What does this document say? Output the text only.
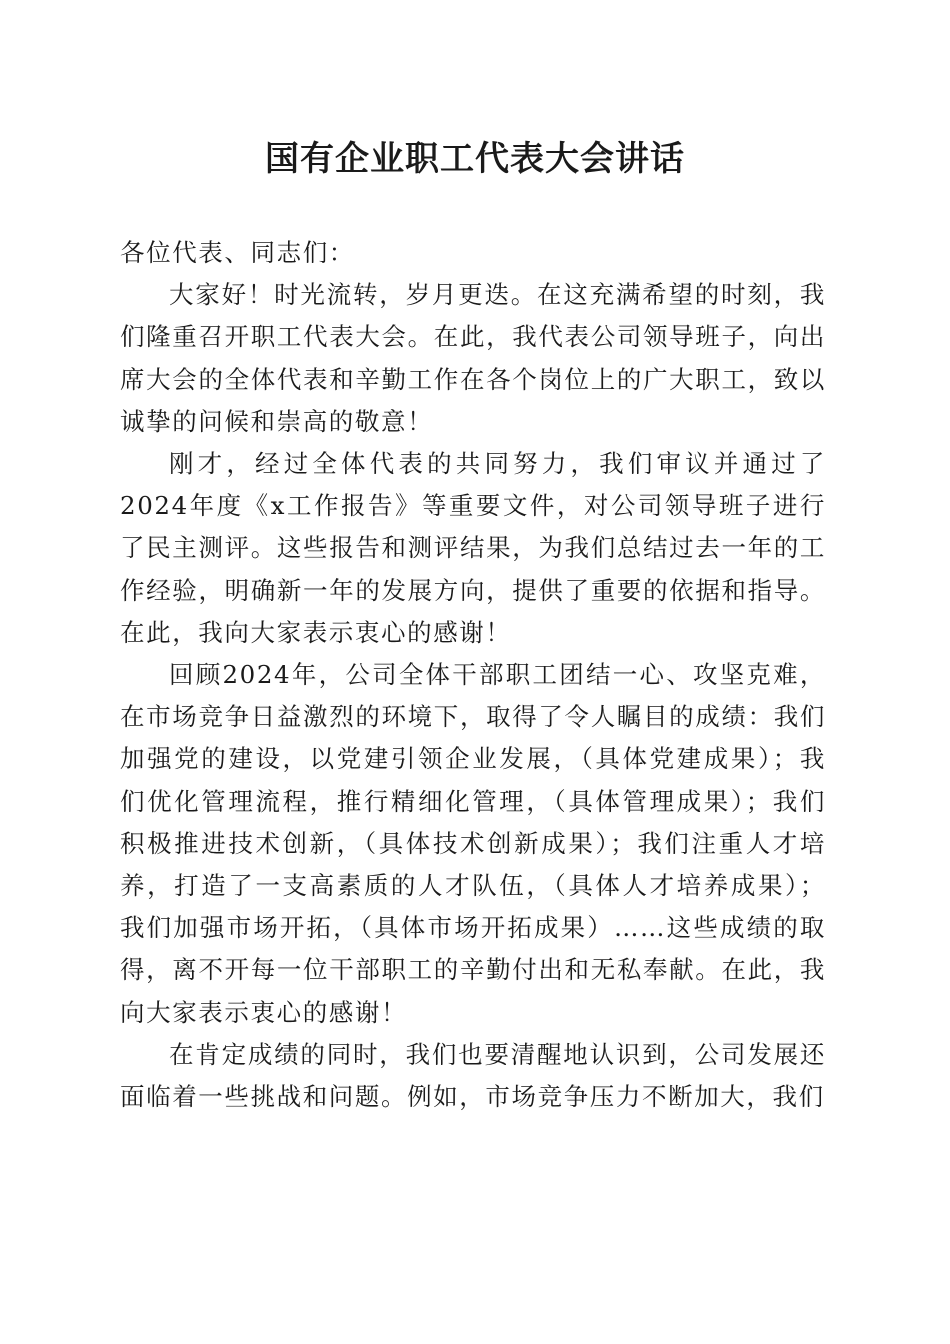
国有企业职工代表大会讲话

各位代表、同志们：

大家好！时光流转，岁月更迭。在这充满希望的时刻，我们隆重召开职工代表大会。在此，我代表公司领导班子，向出席大会的全体代表和辛勤工作在各个岗位上的广大职工，致以诚挚的问候和崇高的敬意！

刚才，经过全体代表的共同努力，我们审议并通过了2024年度《x工作报告》等重要文件，对公司领导班子进行了民主测评。这些报告和测评结果，为我们总结过去一年的工作经验，明确新一年的发展方向，提供了重要的依据和指导。在此，我向大家表示衷心的感谢！

回顾2024年，公司全体干部职工团结一心、攻坚克难，在市场竞争日益激烈的环境下，取得了令人瞩目的成绩：我们加强党的建设，以党建引领企业发展，（具体党建成果）；我们优化管理流程，推行精细化管理，（具体管理成果）；我们积极推进技术创新，（具体技术创新成果）；我们注重人才培养，打造了一支高素质的人才队伍，（具体人才培养成果）；我们加强市场开拓，（具体市场开拓成果）……这些成绩的取得，离不开每一位干部职工的辛勤付出和无私奉献。在此，我向大家表示衷心的感谢！

在肯定成绩的同时，我们也要清醒地认识到，公司发展还面临着一些挑战和问题。例如，市场竞争压力不断加大，我们
